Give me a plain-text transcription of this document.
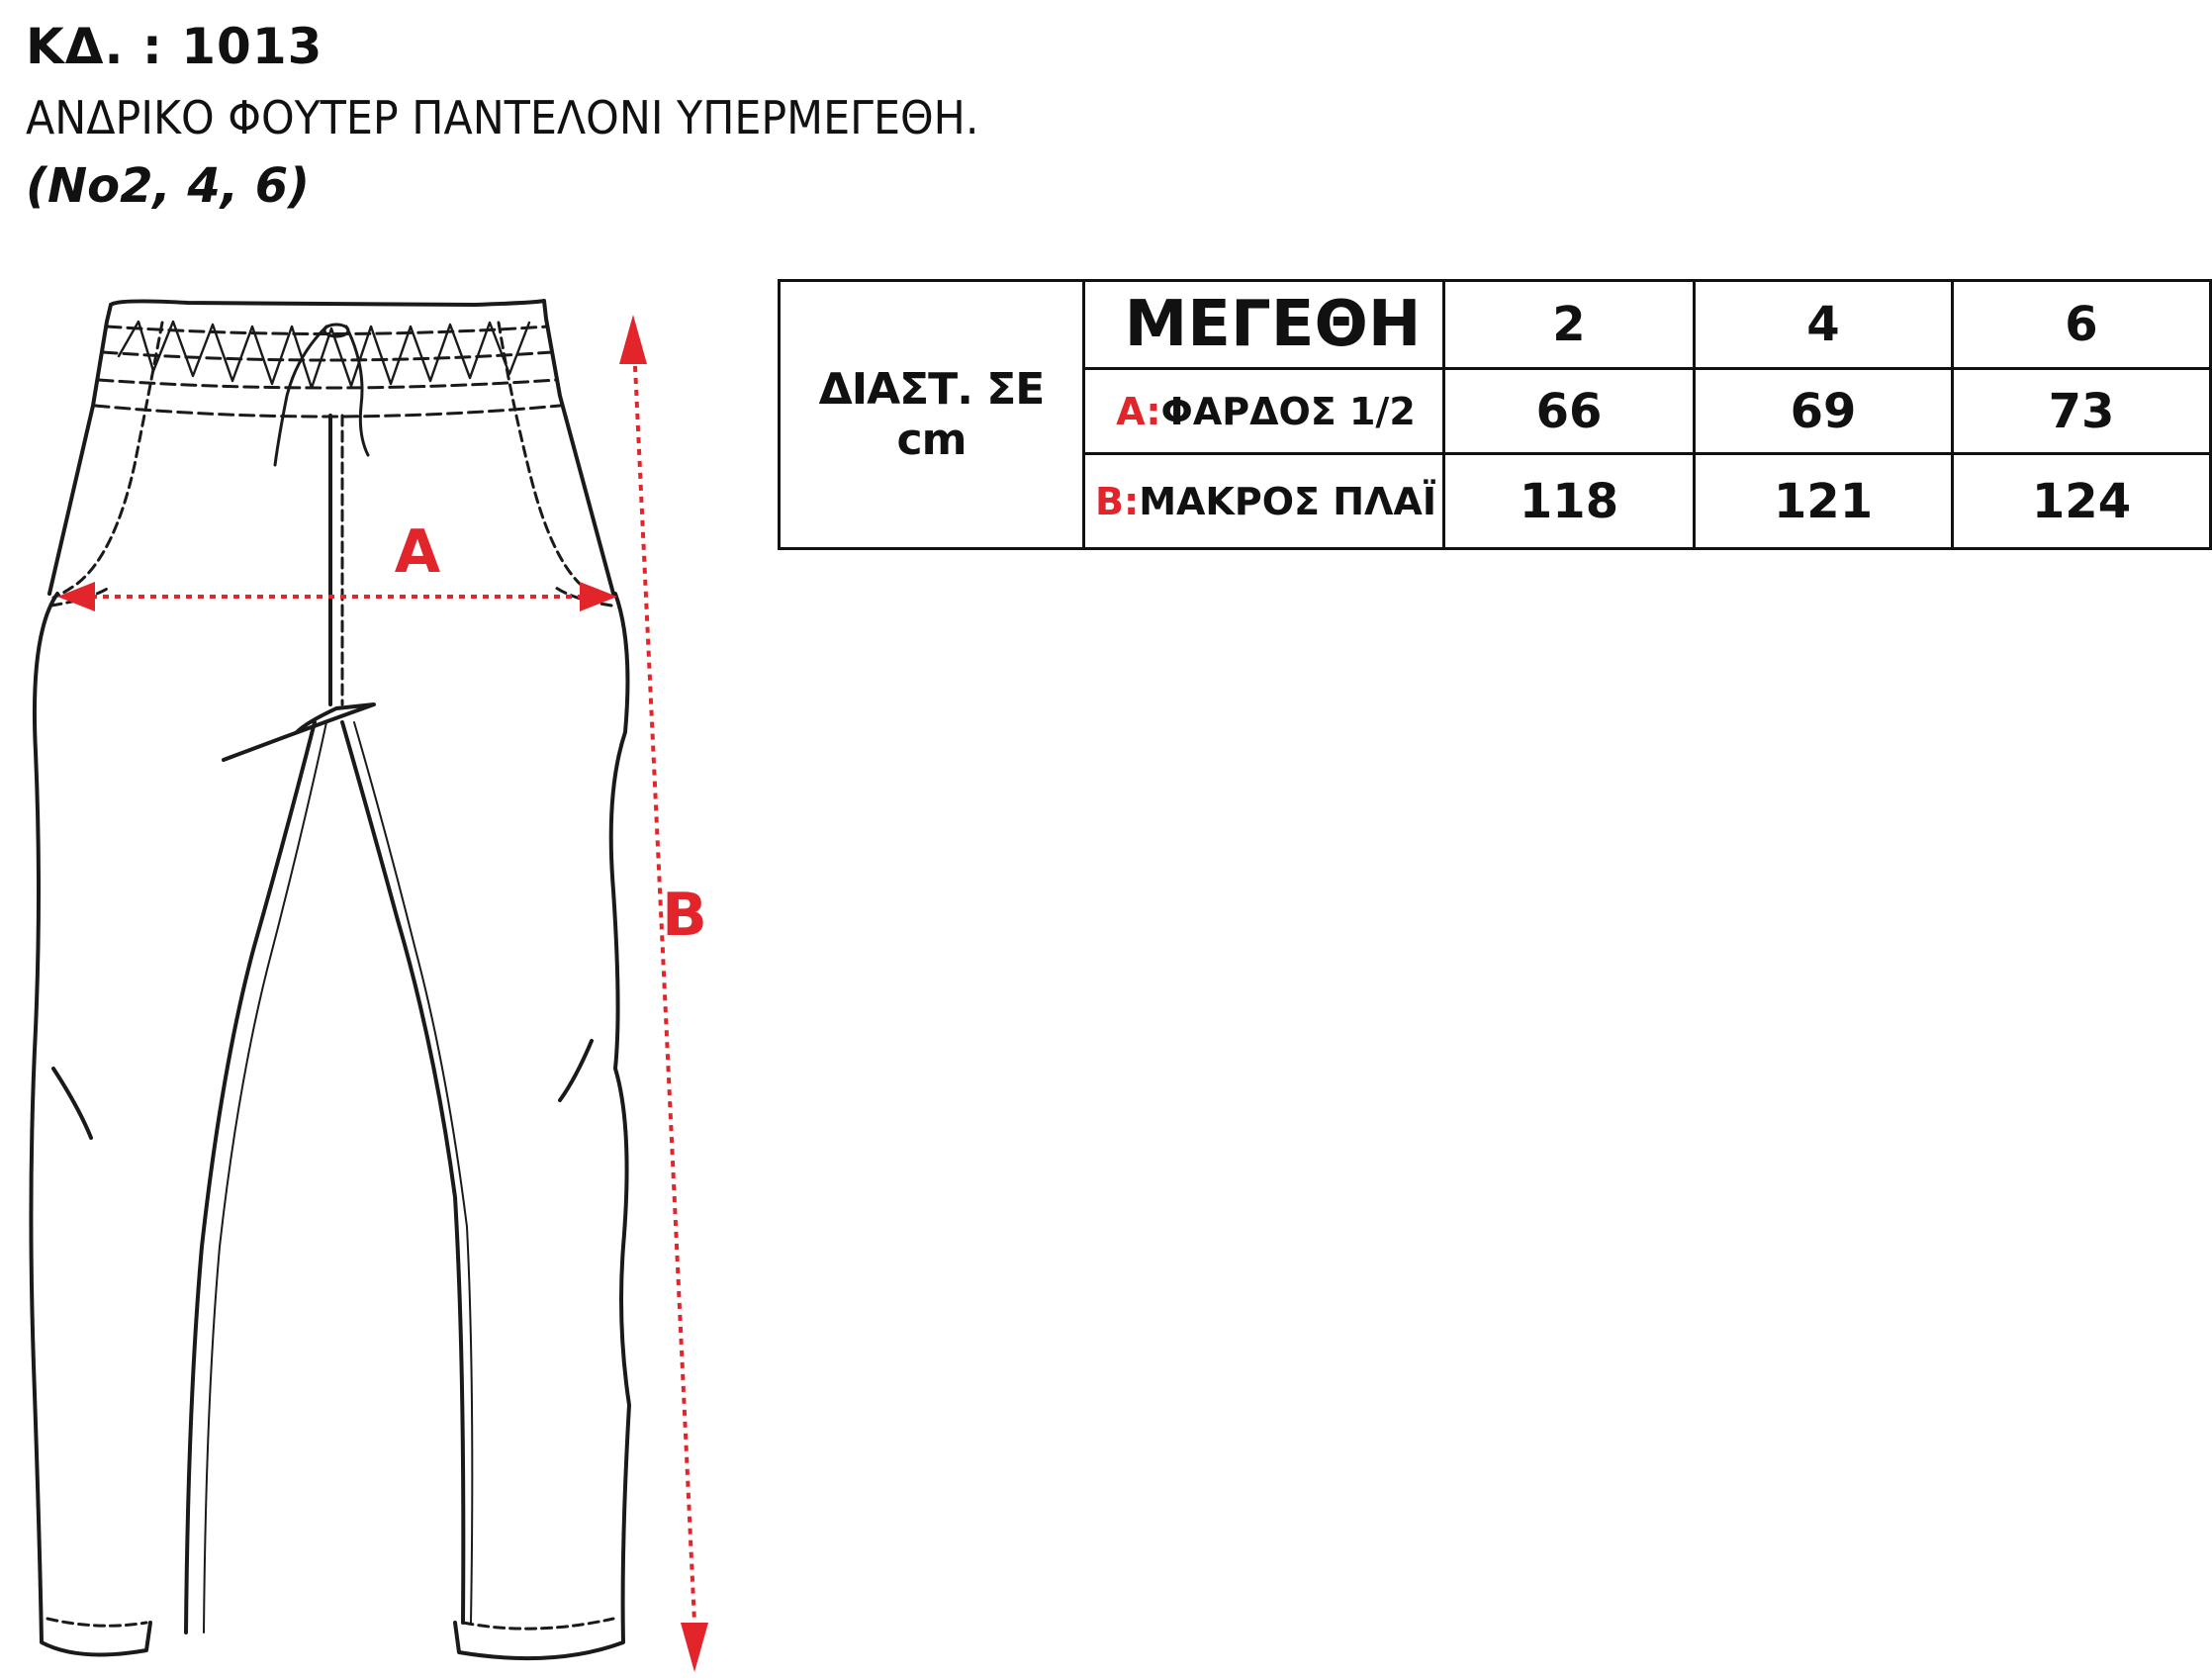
ΚΔ. : 1013
ΑΝΔΡΙΚΟ ΦΟΥΤΕΡ ΠΑΝΤΕΛΟΝΙ ΥΠΕΡΜΕΓΕΘΗ.
(Νο2, 4, 6)
A
B
ΔΙΑΣΤ. ΣΕ cm	ΜΕΓΕΘΗ	2	4	6
	A:ΦΑΡΔΟΣ 1/2	66	69	73
	B:ΜΑΚΡΟΣ ΠΛΑΪ	118	121	124
